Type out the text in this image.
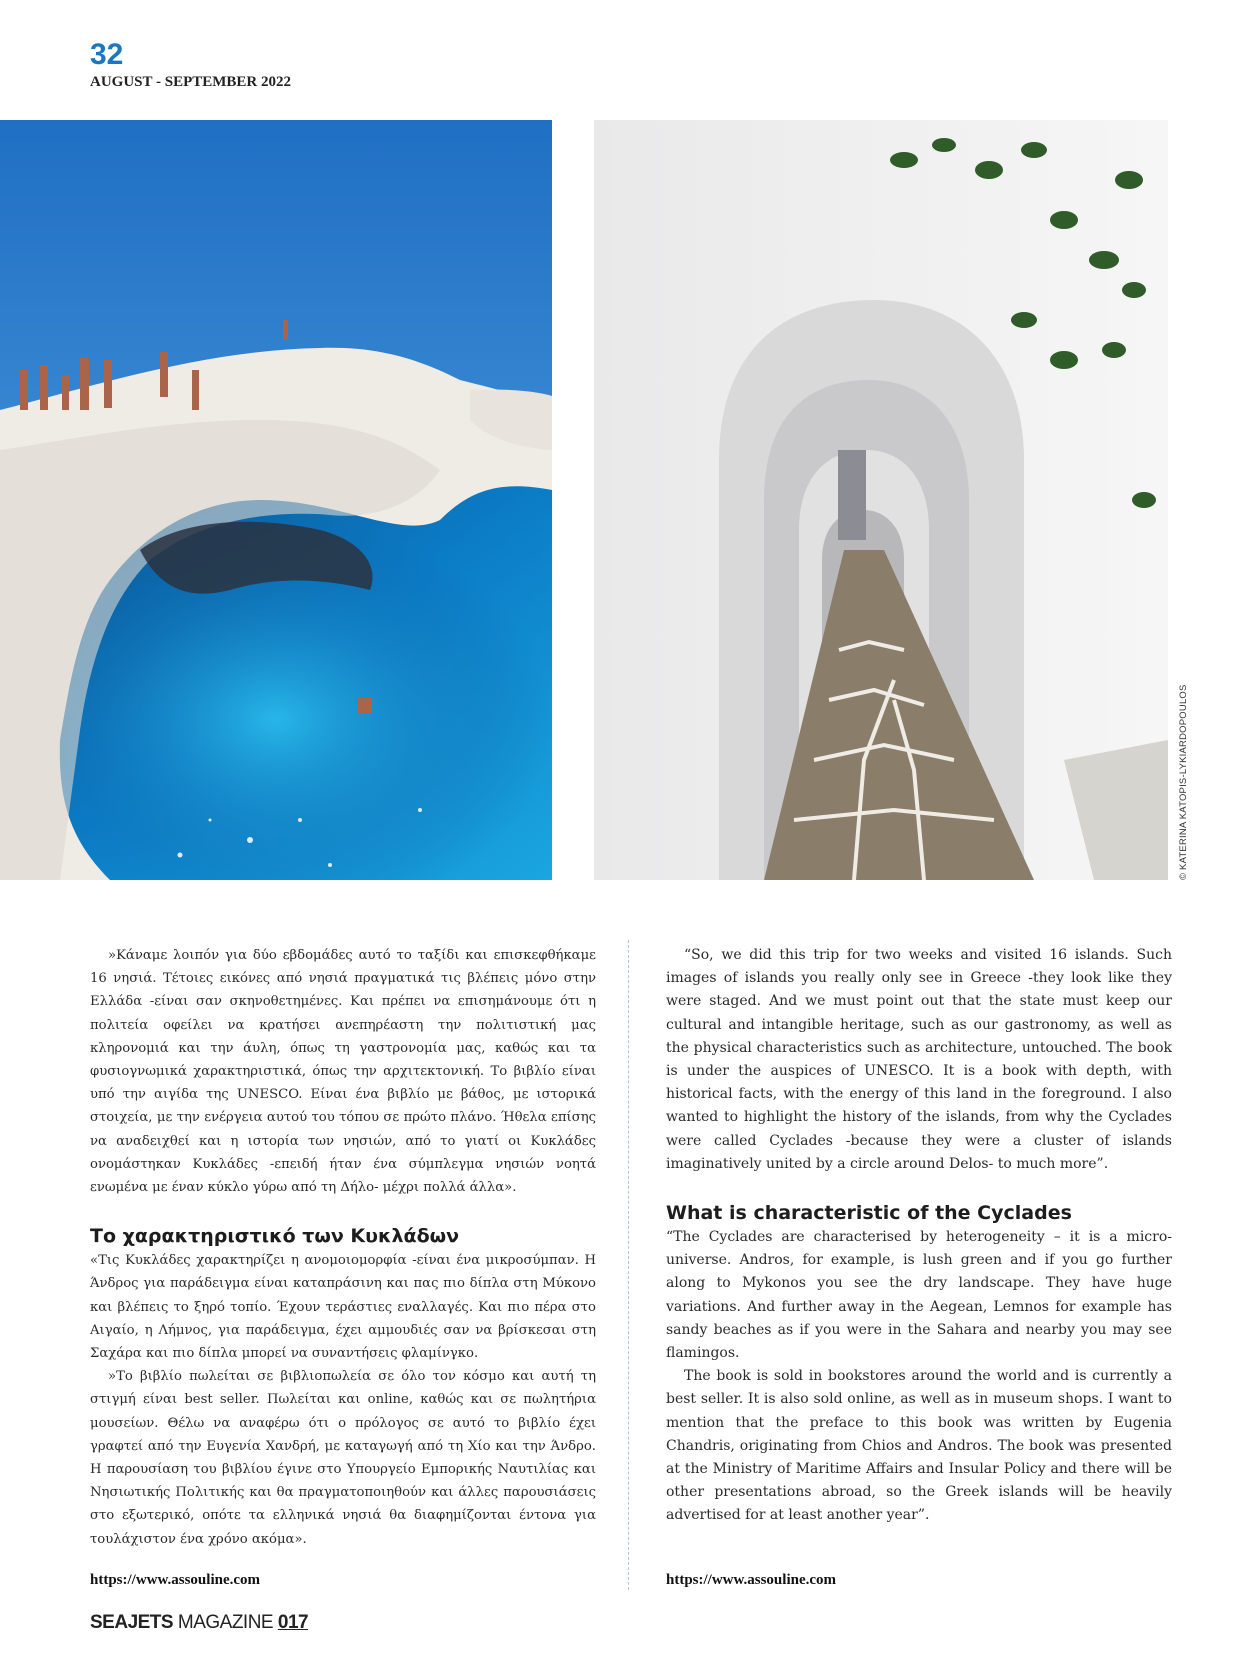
32
AUGUST - SEPTEMBER 2022
© KATERINA KATOPIS-LYKIARDOPOULOS

»Κάναμε λοιπόν για δύο εβδομάδες αυτό το ταξίδι και επισκεφθήκαμε 16 νησιά. Τέτοιες εικόνες από νησιά πραγματικά τις βλέπεις μόνο στην Ελλάδα -είναι σαν σκηνοθετημένες. Και πρέπει να επισημάνουμε ότι η πολιτεία οφείλει να κρατήσει ανεπηρέαστη την πολιτιστική μας κληρονομιά και την άυλη, όπως τη γαστρονομία μας, καθώς και τα φυσιογνωμικά χαρακτηριστικά, όπως την αρχιτεκτονική. Το βιβλίο είναι υπό την αιγίδα της UNESCO. Είναι ένα βιβλίο με βάθος, με ιστορικά στοιχεία, με την ενέργεια αυτού του τόπου σε πρώτο πλάνο. Ήθελα επίσης να αναδειχθεί και η ιστορία των νησιών, από το γιατί οι Κυκλάδες ονομάστηκαν Κυκλάδες -επειδή ήταν ένα σύμπλεγμα νησιών νοητά ενωμένα με έναν κύκλο γύρω από τη Δήλο- μέχρι πολλά άλλα».

Το χαρακτηριστικό των Κυκλάδων

«Τις Κυκλάδες χαρακτηρίζει η ανομοιομορφία -είναι ένα μικροσύμπαν. Η Άνδρος για παράδειγμα είναι καταπράσινη και πας πιο δίπλα στη Μύκονο και βλέπεις το ξηρό τοπίο. Έχουν τεράστιες εναλλαγές. Και πιο πέρα στο Αιγαίο, η Λήμνος, για παράδειγμα, έχει αμμουδιές σαν να βρίσκεσαι στη Σαχάρα και πιο δίπλα μπορεί να συναντήσεις φλαμίνγκο.

»Το βιβλίο πωλείται σε βιβλιοπωλεία σε όλο τον κόσμο και αυτή τη στιγμή είναι best seller. Πωλείται και online, καθώς και σε πωλητήρια μουσείων. Θέλω να αναφέρω ότι ο πρόλογος σε αυτό το βιβλίο έχει γραφτεί από την Ευγενία Χανδρή, με καταγωγή από τη Χίο και την Άνδρο. Η παρουσίαση του βιβλίου έγινε στο Υπουργείο Εμπορικής Ναυτιλίας και Νησιωτικής Πολιτικής και θα πραγματοποιηθούν και άλλες παρουσιάσεις στο εξωτερικό, οπότε τα ελληνικά νησιά θα διαφημίζονται έντονα για τουλάχιστον ένα χρόνο ακόμα».

“So, we did this trip for two weeks and visited 16 islands. Such images of islands you really only see in Greece -they look like they were staged. And we must point out that the state must keep our cultural and intangible heritage, such as our gastronomy, as well as the physical characteristics such as architecture, untouched. The book is under the auspices of UNESCO. It is a book with depth, with historical facts, with the energy of this land in the foreground. I also wanted to highlight the history of the islands, from why the Cyclades were called Cyclades -because they were a cluster of islands imaginatively united by a circle around Delos- to much more”.

What is characteristic of the Cyclades

“The Cyclades are characterised by heterogeneity – it is a micro-universe. Andros, for example, is lush green and if you go further along to Mykonos you see the dry landscape. They have huge variations. And further away in the Aegean, Lemnos for example has sandy beaches as if you were in the Sahara and nearby you may see flamingos.

The book is sold in bookstores around the world and is currently a best seller. It is also sold online, as well as in museum shops. I want to mention that the preface to this book was written by Eugenia Chandris, originating from Chios and Andros. The book was presented at the Ministry of Maritime Affairs and Insular Policy and there will be other presentations abroad, so the Greek islands will be heavily advertised for at least another year”.

https://www.assouline.com	https://www.assouline.com
SEAJETS MAGAZINE 017
